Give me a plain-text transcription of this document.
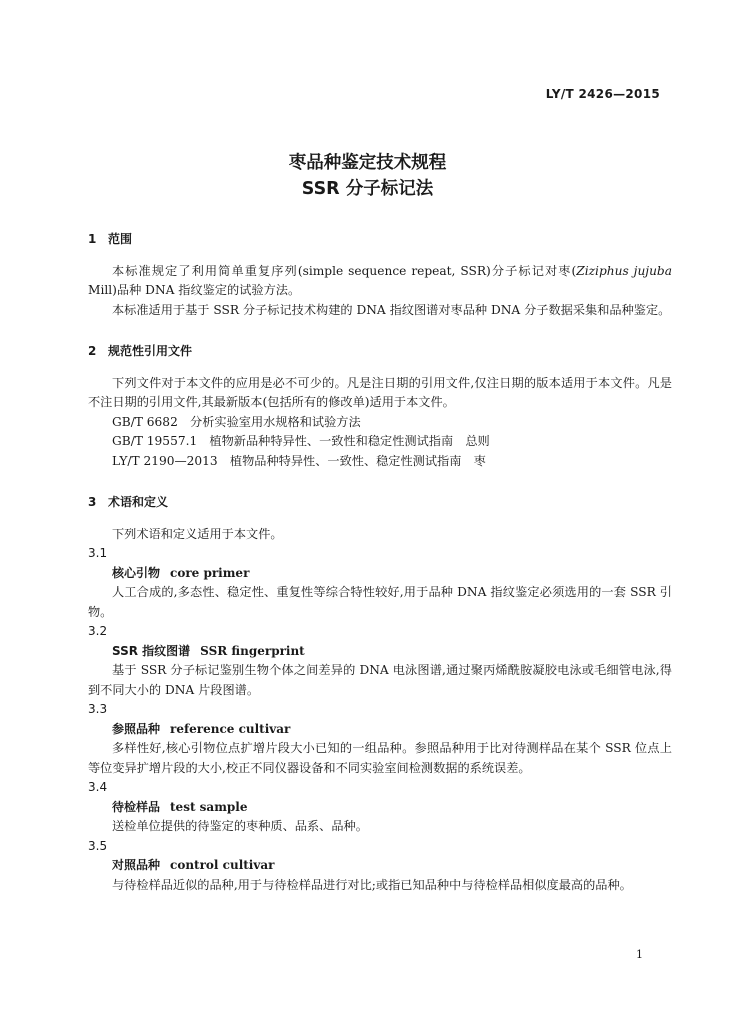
LY/T 2426—2015
枣品种鉴定技术规程
SSR 分子标记法
1 范围

本标准规定了利用简单重复序列(simple sequence repeat, SSR)分子标记对枣(Ziziphus jujuba Mill)品种 DNA 指纹鉴定的试验方法。

本标准适用于基于 SSR 分子标记技术构建的 DNA 指纹图谱对枣品种 DNA 分子数据采集和品种鉴定。

2 规范性引用文件

下列文件对于本文件的应用是必不可少的。凡是注日期的引用文件,仅注日期的版本适用于本文件。凡是不注日期的引用文件,其最新版本(包括所有的修改单)适用于本文件。

GB/T 6682　分析实验室用水规格和试验方法

GB/T 19557.1　植物新品种特异性、一致性和稳定性测试指南　总则

LY/T 2190—2013　植物品种特异性、一致性、稳定性测试指南　枣

3 术语和定义

下列术语和定义适用于本文件。

3.1
核心引物 core primer

人工合成的,多态性、稳定性、重复性等综合特性较好,用于品种 DNA 指纹鉴定必须选用的一套 SSR 引物。

3.2
SSR 指纹图谱 SSR fingerprint

基于 SSR 分子标记鉴别生物个体之间差异的 DNA 电泳图谱,通过聚丙烯酰胺凝胶电泳或毛细管电泳,得到不同大小的 DNA 片段图谱。

3.3
参照品种 reference cultivar

多样性好,核心引物位点扩增片段大小已知的一组品种。参照品种用于比对待测样品在某个 SSR 位点上等位变异扩增片段的大小,校正不同仪器设备和不同实验室间检测数据的系统误差。

3.4
待检样品 test sample

送检单位提供的待鉴定的枣种质、品系、品种。

3.5
对照品种 control cultivar

与待检样品近似的品种,用于与待检样品进行对比;或指已知品种中与待检样品相似度最高的品种。

1
